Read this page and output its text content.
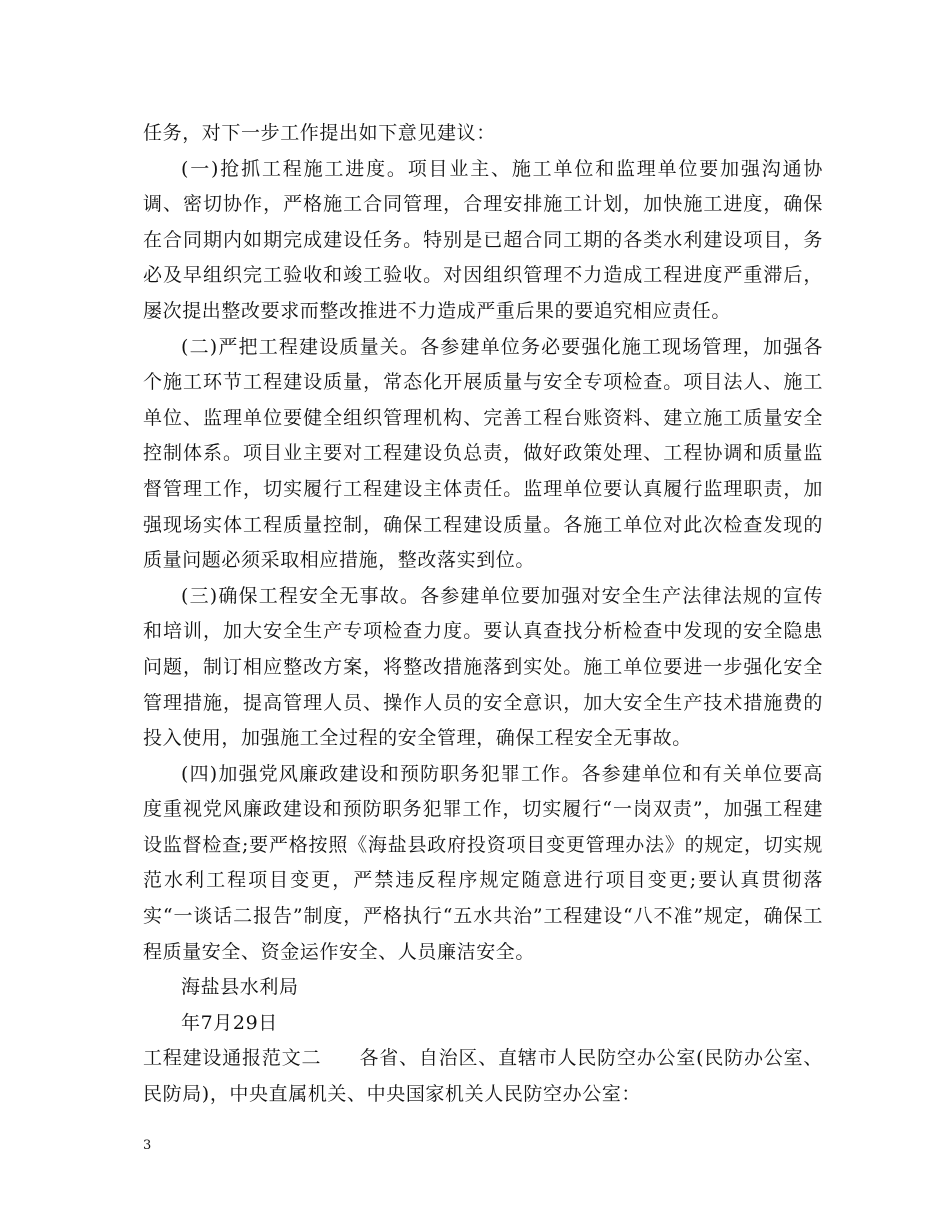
任务，对下一步工作提出如下意见建议：

(一)抢抓工程施工进度。项目业主、施工单位和监理单位要加强沟通协调、密切协作，严格施工合同管理，合理安排施工计划，加快施工进度，确保在合同期内如期完成建设任务。特别是已超合同工期的各类水利建设项目，务必及早组织完工验收和竣工验收。对因组织管理不力造成工程进度严重滞后，屡次提出整改要求而整改推进不力造成严重后果的要追究相应责任。

(二)严把工程建设质量关。各参建单位务必要强化施工现场管理，加强各个施工环节工程建设质量，常态化开展质量与安全专项检查。项目法人、施工单位、监理单位要健全组织管理机构、完善工程台账资料、建立施工质量安全控制体系。项目业主要对工程建设负总责，做好政策处理、工程协调和质量监督管理工作，切实履行工程建设主体责任。监理单位要认真履行监理职责，加强现场实体工程质量控制，确保工程建设质量。各施工单位对此次检查发现的质量问题必须采取相应措施，整改落实到位。

(三)确保工程安全无事故。各参建单位要加强对安全生产法律法规的宣传和培训，加大安全生产专项检查力度。要认真查找分析检查中发现的安全隐患问题，制订相应整改方案，将整改措施落到实处。施工单位要进一步强化安全管理措施，提高管理人员、操作人员的安全意识，加大安全生产技术措施费的投入使用，加强施工全过程的安全管理，确保工程安全无事故。

(四)加强党风廉政建设和预防职务犯罪工作。各参建单位和有关单位要高度重视党风廉政建设和预防职务犯罪工作，切实履行“一岗双责”，加强工程建设监督检查;要严格按照《海盐县政府投资项目变更管理办法》的规定，切实规范水利工程项目变更，严禁违反程序规定随意进行项目变更;要认真贯彻落实“一谈话二报告”制度，严格执行“五水共治”工程建设“八不准”规定，确保工程质量安全、资金运作安全、人员廉洁安全。

海盐县水利局

年7月29日

工程建设通报范文二 各省、自治区、直辖市人民防空办公室(民防办公室、民防局)，中央直属机关、中央国家机关人民防空办公室：

3
